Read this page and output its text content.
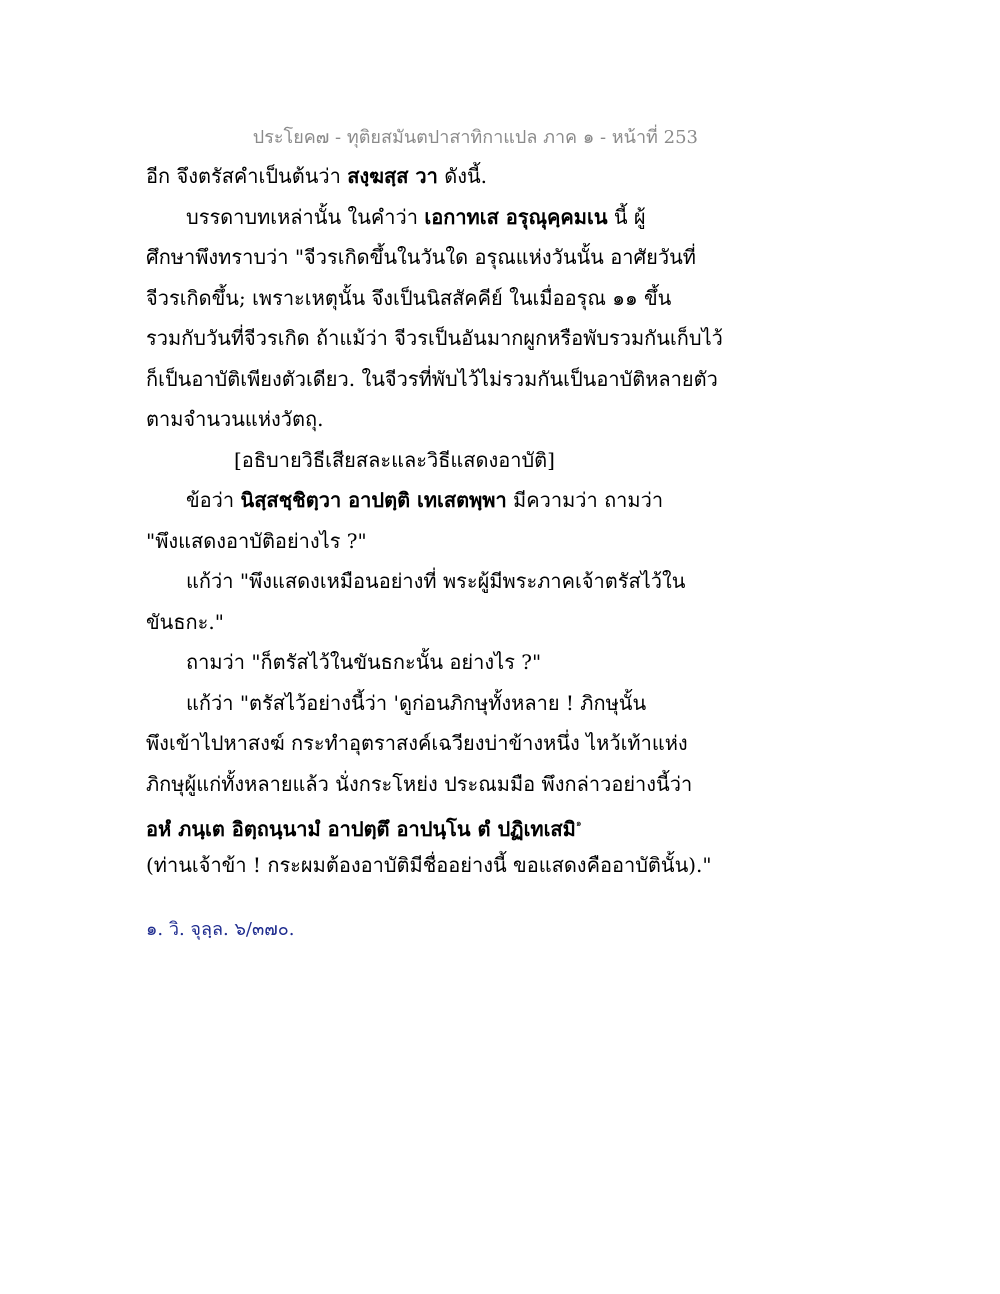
ประโยค๗ - ทุติยสมันตปาสาทิกาแปล ภาค ๑ - หน้าที่ 253
อีก จึงตรัสคำเป็นต้นว่า สงฺฆสฺส วา ดังนี้.
บรรดาบทเหล่านั้น ในคำว่า เอกาทเส อรุณุคฺคมเน นี้ ผู้
ศึกษาพึงทราบว่า "จีวรเกิดขึ้นในวันใด อรุณแห่งวันนั้น อาศัยวันที่
จีวรเกิดขึ้น; เพราะเหตุนั้น จึงเป็นนิสสัคคีย์ ในเมื่ออรุณ ๑๑ ขึ้น
รวมกับวันที่จีวรเกิด ถ้าแม้ว่า จีวรเป็นอันมากผูกหรือพับรวมกันเก็บไว้
ก็เป็นอาบัติเพียงตัวเดียว. ในจีวรที่พับไว้ไม่รวมกันเป็นอาบัติหลายตัว
ตามจำนวนแห่งวัตถุ.
[อธิบายวิธีเสียสละและวิธีแสดงอาบัติ]
ข้อว่า นิสฺสชฺชิตฺวา อาปตฺติ เทเสตพฺพา มีความว่า ถามว่า
"พึงแสดงอาบัติอย่างไร ?"
แก้ว่า "พึงแสดงเหมือนอย่างที่ พระผู้มีพระภาคเจ้าตรัสไว้ใน
ขันธกะ."
ถามว่า "ก็ตรัสไว้ในขันธกะนั้น อย่างไร ?"
แก้ว่า "ตรัสไว้อย่างนี้ว่า 'ดูก่อนภิกษุทั้งหลาย ! ภิกษุนั้น
พึงเข้าไปหาสงฆ์ กระทำอุตราสงค์เฉวียงบ่าข้างหนึ่ง ไหว้เท้าแห่ง
ภิกษุผู้แก่ทั้งหลายแล้ว นั่งกระโหย่ง ประณมมือ พึงกล่าวอย่างนี้ว่า
อหํ ภนฺเต อิตฺถนฺนามํ อาปตฺตึ อาปนฺโน ตํ ปฏิเทเสมิ$^๑$
(ท่านเจ้าข้า ! กระผมต้องอาบัติมีชื่ออย่างนี้ ขอแสดงคืออาบัตินั้น)."
๑. วิ. จุลฺล. ๖/๓๗๐.
